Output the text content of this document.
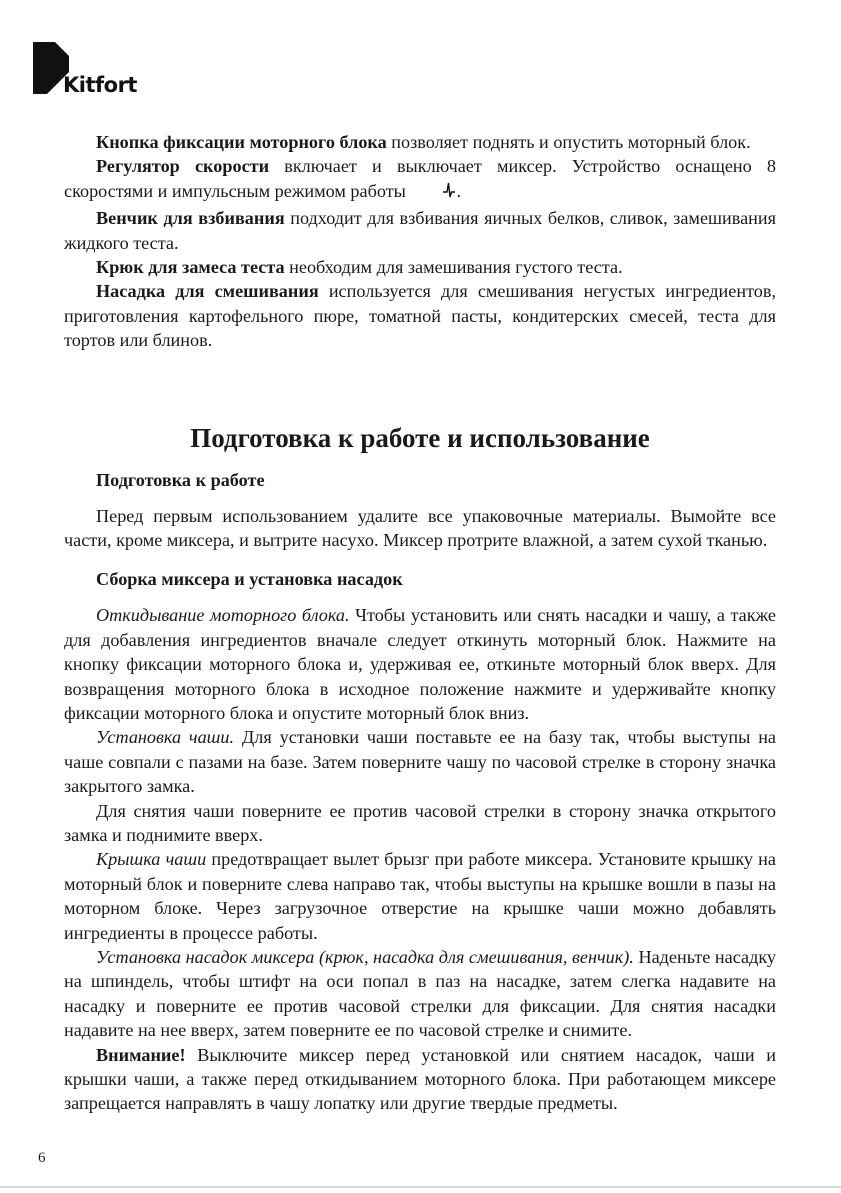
Kitfort

Кнопка фиксации моторного блока позволяет поднять и опустить моторный блок.

Регулятор скорости включает и выключает миксер. Устройство оснащено 8 скоростями и импульсным режимом работы	.

Венчик для взбивания подходит для взбивания яичных белков, сливок, замешивания жидкого теста.

Крюк для замеса теста необходим для замешивания густого теста.

Насадка для смешивания используется для смешивания негустых ингредиентов, приготовления картофельного пюре, томатной пасты, кондитерских смесей, теста для тортов или блинов.

Подготовка к работе и использование

Подготовка к работе

Перед первым использованием удалите все упаковочные материалы. Вымойте все части, кроме миксера, и вытрите насухо. Миксер протрите влажной, а затем сухой тканью.

Сборка миксера и установка насадок

Откидывание моторного блока. Чтобы установить или снять насадки и чашу, а также для добавления ингредиентов вначале следует откинуть моторный блок. Нажмите на кнопку фиксации моторного блока и, удерживая ее, откиньте моторный блок вверх. Для возвращения моторного блока в исходное положение нажмите и удерживайте кнопку фиксации моторного блока и опустите моторный блок вниз.

Установка чаши. Для установки чаши поставьте ее на базу так, чтобы выступы на чаше совпали с пазами на базе. Затем поверните чашу по часовой стрелке в сторону значка закрытого замка.

Для снятия чаши поверните ее против часовой стрелки в сторону значка открытого замка и поднимите вверх.

Крышка чаши предотвращает вылет брызг при работе миксера. Установите крышку на моторный блок и поверните слева направо так, чтобы выступы на крышке вошли в пазы на моторном блоке. Через загрузочное отверстие на крышке чаши можно добавлять ингредиенты в процессе работы.

Установка насадок миксера (крюк, насадка для смешивания, венчик). Наденьте насадку на шпиндель, чтобы штифт на оси попал в паз на насадке, затем слегка надавите на насадку и поверните ее против часовой стрелки для фиксации. Для снятия насадки надавите на нее вверх, затем поверните ее по часовой стрелке и снимите.

Внимание! Выключите миксер перед установкой или снятием насадок, чаши и крышки чаши, а также перед откидыванием моторного блока. При работающем миксере запрещается направлять в чашу лопатку или другие твердые предметы.

6
